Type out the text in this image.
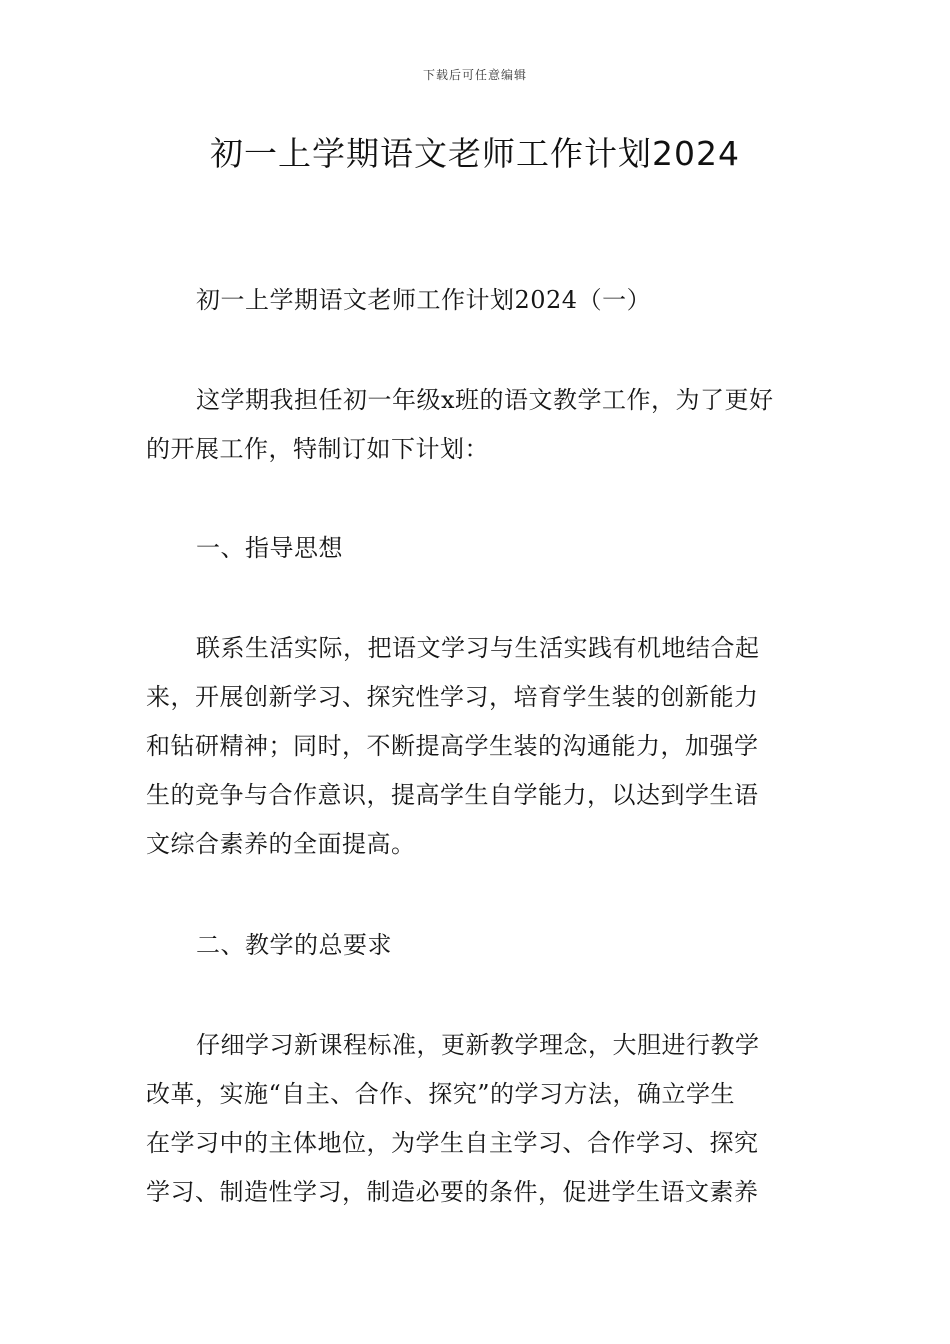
下载后可任意编辑
初一上学期语文老师工作计划2024

初一上学期语文老师工作计划2024（一）

这学期我担任初一年级x班的语文教学工作，为了更好
的开展工作，特制订如下计划：

一、指导思想

联系生活实际，把语文学习与生活实践有机地结合起
来，开展创新学习、探究性学习，培育学生装的创新能力
和钻研精神；同时，不断提高学生装的沟通能力，加强学
生的竞争与合作意识，提高学生自学能力，以达到学生语
文综合素养的全面提高。

二、教学的总要求

仔细学习新课程标准，更新教学理念，大胆进行教学
改革，实施“自主、合作、探究”的学习方法，确立学生
在学习中的主体地位，为学生自主学习、合作学习、探究
学习、制造性学习，制造必要的条件，促进学生语文素养
